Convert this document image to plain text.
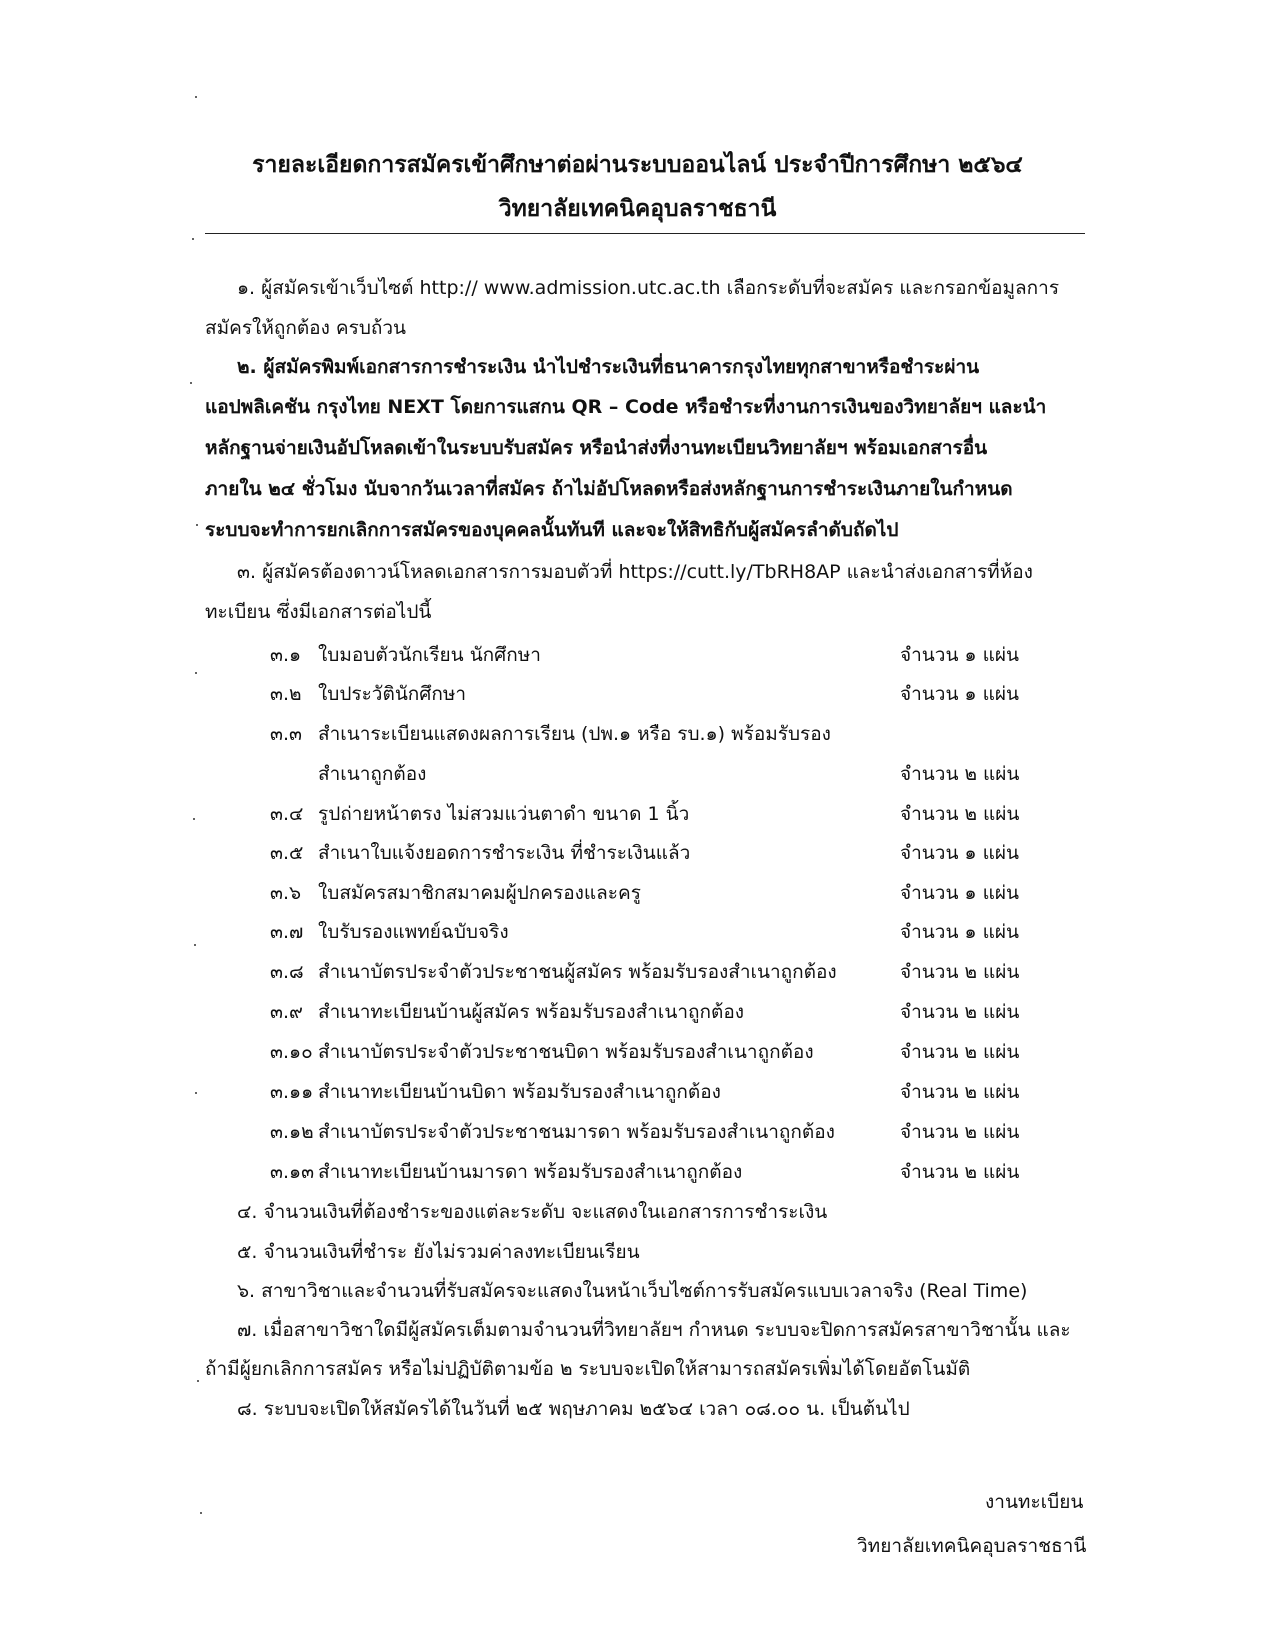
รายละเอียดการสมัครเข้าศึกษาต่อผ่านระบบออนไลน์ ประจำปีการศึกษา ๒๕๖๔
วิทยาลัยเทคนิคอุบลราชธานี
๑. ผู้สมัครเข้าเว็บไซต์ http:// www.admission.utc.ac.th เลือกระดับที่จะสมัคร และกรอกข้อมูลการ
สมัครให้ถูกต้อง ครบถ้วน
๒. ผู้สมัครพิมพ์เอกสารการชำระเงิน นำไปชำระเงินที่ธนาคารกรุงไทยทุกสาขาหรือชำระผ่าน
แอปพลิเคชัน กรุงไทย NEXT โดยการแสกน QR – Code หรือชำระที่งานการเงินของวิทยาลัยฯ และนำ
หลักฐานจ่ายเงินอัปโหลดเข้าในระบบรับสมัคร หรือนำส่งที่งานทะเบียนวิทยาลัยฯ พร้อมเอกสารอื่น
ภายใน ๒๔ ชั่วโมง นับจากวันเวลาที่สมัคร ถ้าไม่อัปโหลดหรือส่งหลักฐานการชำระเงินภายในกำหนด
ระบบจะทำการยกเลิกการสมัครของบุคคลนั้นทันที และจะให้สิทธิกับผู้สมัครลำดับถัดไป
๓. ผู้สมัครต้องดาวน์โหลดเอกสารการมอบตัวที่ https://cutt.ly/TbRH8AP และนำส่งเอกสารที่ห้อง
ทะเบียน ซึ่งมีเอกสารต่อไปนี้
๓.๑ ใบมอบตัวนักเรียน นักศึกษา	จำนวน ๑ แผ่น
๓.๒ ใบประวัตินักศึกษา	จำนวน ๑ แผ่น
๓.๓ สำเนาระเบียนแสดงผลการเรียน (ปพ.๑ หรือ รบ.๑) พร้อมรับรอง
สำเนาถูกต้อง	จำนวน ๒ แผ่น
๓.๔ รูปถ่ายหน้าตรง ไม่สวมแว่นตาดำ ขนาด 1 นิ้ว	จำนวน ๒ แผ่น
๓.๕ สำเนาใบแจ้งยอดการชำระเงิน ที่ชำระเงินแล้ว	จำนวน ๑ แผ่น
๓.๖ ใบสมัครสมาชิกสมาคมผู้ปกครองและครู	จำนวน ๑ แผ่น
๓.๗ ใบรับรองแพทย์ฉบับจริง	จำนวน ๑ แผ่น
๓.๘ สำเนาบัตรประจำตัวประชาชนผู้สมัคร พร้อมรับรองสำเนาถูกต้อง	จำนวน ๒ แผ่น
๓.๙ สำเนาทะเบียนบ้านผู้สมัคร พร้อมรับรองสำเนาถูกต้อง	จำนวน ๒ แผ่น
๓.๑๐ สำเนาบัตรประจำตัวประชาชนบิดา พร้อมรับรองสำเนาถูกต้อง	จำนวน ๒ แผ่น
๓.๑๑ สำเนาทะเบียนบ้านบิดา พร้อมรับรองสำเนาถูกต้อง	จำนวน ๒ แผ่น
๓.๑๒ สำเนาบัตรประจำตัวประชาชนมารดา พร้อมรับรองสำเนาถูกต้อง	จำนวน ๒ แผ่น
๓.๑๓ สำเนาทะเบียนบ้านมารดา พร้อมรับรองสำเนาถูกต้อง	จำนวน ๒ แผ่น
๔. จำนวนเงินที่ต้องชำระของแต่ละระดับ จะแสดงในเอกสารการชำระเงิน
๕. จำนวนเงินที่ชำระ ยังไม่รวมค่าลงทะเบียนเรียน
๖. สาขาวิชาและจำนวนที่รับสมัครจะแสดงในหน้าเว็บไซต์การรับสมัครแบบเวลาจริง (Real Time)
๗. เมื่อสาขาวิชาใดมีผู้สมัครเต็มตามจำนวนที่วิทยาลัยฯ กำหนด ระบบจะปิดการสมัครสาขาวิชานั้น และ
ถ้ามีผู้ยกเลิกการสมัคร หรือไม่ปฏิบัติตามข้อ ๒ ระบบจะเปิดให้สามารถสมัครเพิ่มได้โดยอัตโนมัติ
๘. ระบบจะเปิดให้สมัครได้ในวันที่ ๒๕ พฤษภาคม ๒๕๖๔ เวลา ๐๘.๐๐ น. เป็นต้นไป
งานทะเบียน
วิทยาลัยเทคนิคอุบลราชธานี
